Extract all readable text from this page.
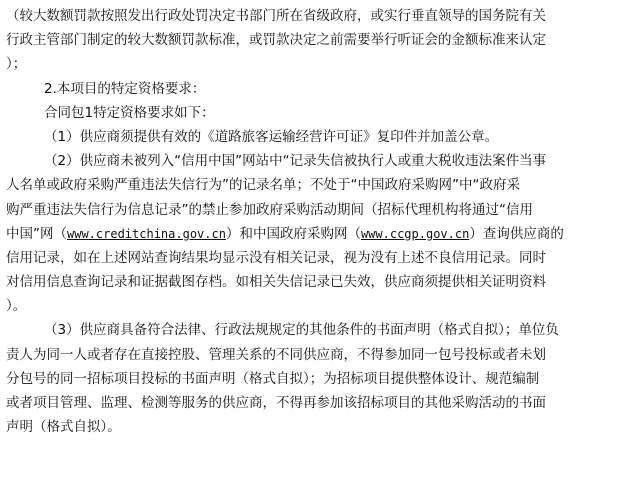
（较大数额罚款按照发出行政处罚决定书部门所在省级政府，或实行垂直领导的国务院有关
行政主管部门制定的较大数额罚款标准，或罚款决定之前需要举行听证会的金额标准来认定
）；
2.本项目的特定资格要求：
合同包1特定资格要求如下：
（1）供应商须提供有效的《道路旅客运输经营许可证》复印件并加盖公章。
（2）供应商未被列入“信用中国”网站中“记录失信被执行人或重大税收违法案件当事
人名单或政府采购严重违法失信行为”的记录名单；不处于“中国政府采购网”中“政府采
购严重违法失信行为信息记录”的禁止参加政府采购活动期间（招标代理机构将通过“信用
中国”网（www.creditchina.gov.cn）和中国政府采购网（www.ccgp.gov.cn）查询供应商的
信用记录，如在上述网站查询结果均显示没有相关记录，视为没有上述不良信用记录。同时
对信用信息查询记录和证据截图存档。如相关失信记录已失效，供应商须提供相关证明资料
）。
（3）供应商具备符合法律、行政法规规定的其他条件的书面声明（格式自拟）；单位负
责人为同一人或者存在直接控股、管理关系的不同供应商，不得参加同一包号投标或者未划
分包号的同一招标项目投标的书面声明（格式自拟）；为招标项目提供整体设计、规范编制
或者项目管理、监理、检测等服务的供应商，不得再参加该招标项目的其他采购活动的书面
声明（格式自拟）。
